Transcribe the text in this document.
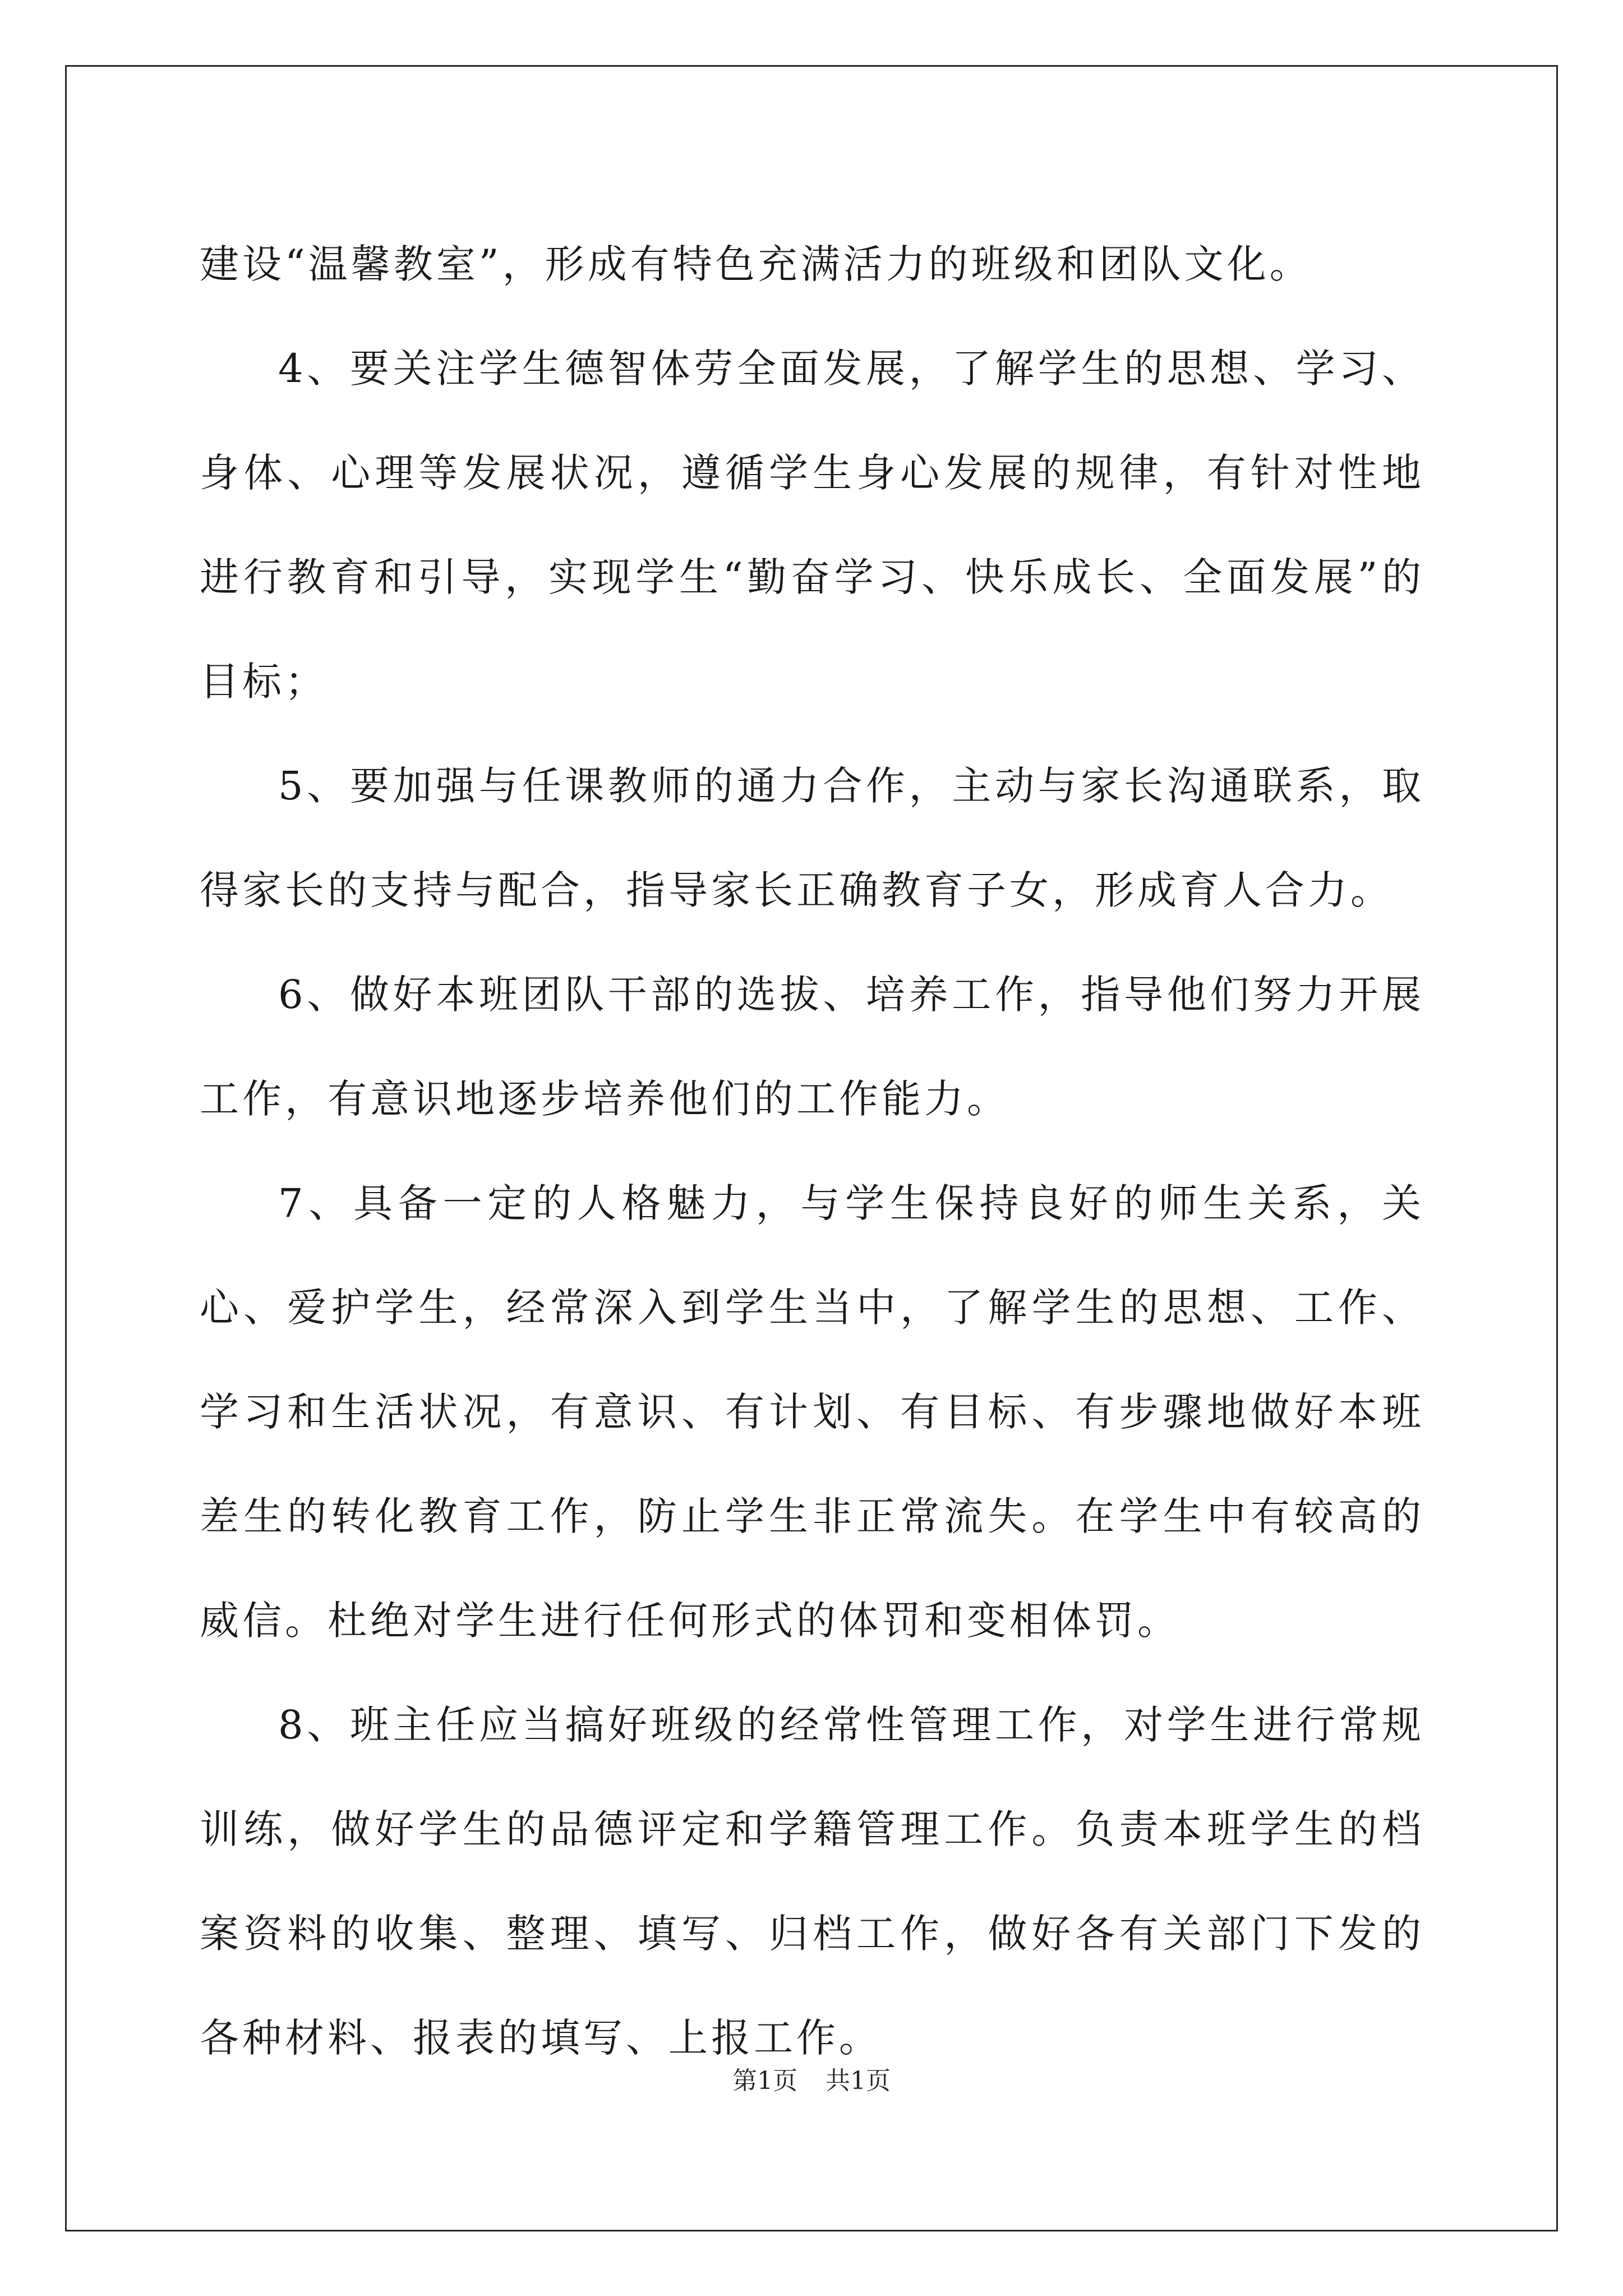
建设“温馨教室”，形成有特色充满活力的班级和团队文化。

4、要关注学生德智体劳全面发展，了解学生的思想、学习、身体、心理等发展状况，遵循学生身心发展的规律，有针对性地进行教育和引导，实现学生“勤奋学习、快乐成长、全面发展”的目标；

5、要加强与任课教师的通力合作，主动与家长沟通联系，取得家长的支持与配合，指导家长正确教育子女，形成育人合力。

6、做好本班团队干部的选拔、培养工作，指导他们努力开展工作，有意识地逐步培养他们的工作能力。

7、具备一定的人格魅力，与学生保持良好的师生关系，关心、爱护学生，经常深入到学生当中，了解学生的思想、工作、学习和生活状况，有意识、有计划、有目标、有步骤地做好本班差生的转化教育工作，防止学生非正常流失。在学生中有较高的威信。杜绝对学生进行任何形式的体罚和变相体罚。

8、班主任应当搞好班级的经常性管理工作，对学生进行常规训练，做好学生的品德评定和学籍管理工作。负责本班学生的档案资料的收集、整理、填写、归档工作，做好各有关部门下发的各种材料、报表的填写、上报工作。

第1页 共1页
